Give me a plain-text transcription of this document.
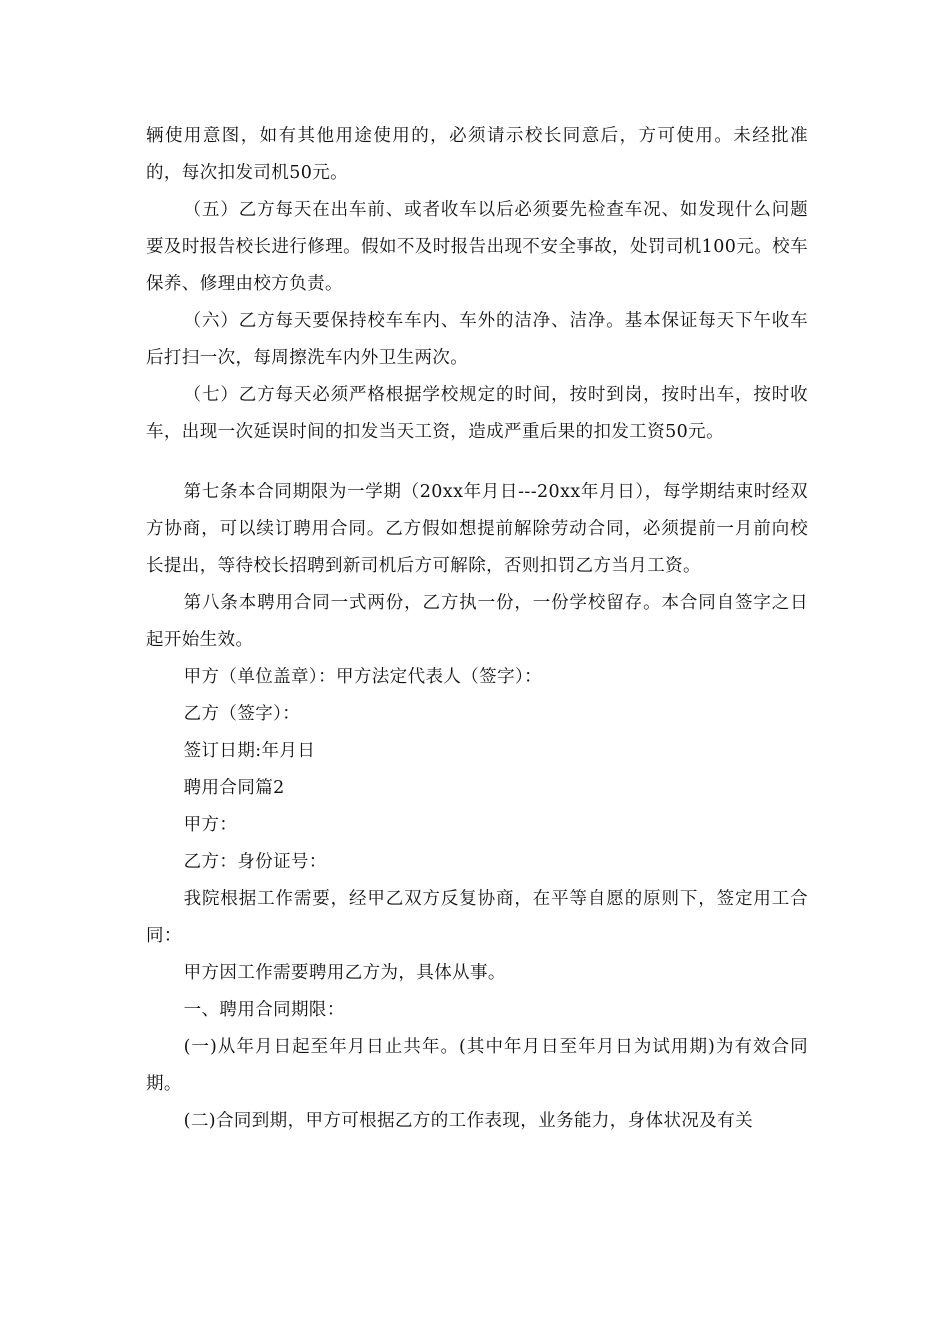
辆使用意图，如有其他用途使用的，必须请示校长同意后，方可使用。未经批准的，每次扣发司机50元。

（五）乙方每天在出车前、或者收车以后必须要先检查车况、如发现什么问题要及时报告校长进行修理。假如不及时报告出现不安全事故，处罚司机100元。校车保养、修理由校方负责。

（六）乙方每天要保持校车车内、车外的洁净、洁净。基本保证每天下午收车后打扫一次，每周擦洗车内外卫生两次。

（七）乙方每天必须严格根据学校规定的时间，按时到岗，按时出车，按时收车，出现一次延误时间的扣发当天工资，造成严重后果的扣发工资50元。

第七条本合同期限为一学期（20xx年月日---20xx年月日），每学期结束时经双方协商，可以续订聘用合同。乙方假如想提前解除劳动合同，必须提前一月前向校长提出，等待校长招聘到新司机后方可解除，否则扣罚乙方当月工资。

第八条本聘用合同一式两份，乙方执一份，一份学校留存。本合同自签字之日起开始生效。

甲方（单位盖章）：甲方法定代表人（签字）：

乙方（签字）：

签订日期:年月日

聘用合同篇2

甲方：

乙方：身份证号：

我院根据工作需要，经甲乙双方反复协商，在平等自愿的原则下，签定用工合同：

甲方因工作需要聘用乙方为，具体从事。

一、聘用合同期限：

(一)从年月日起至年月日止共年。(其中年月日至年月日为试用期)为有效合同期。

(二)合同到期，甲方可根据乙方的工作表现，业务能力，身体状况及有关
